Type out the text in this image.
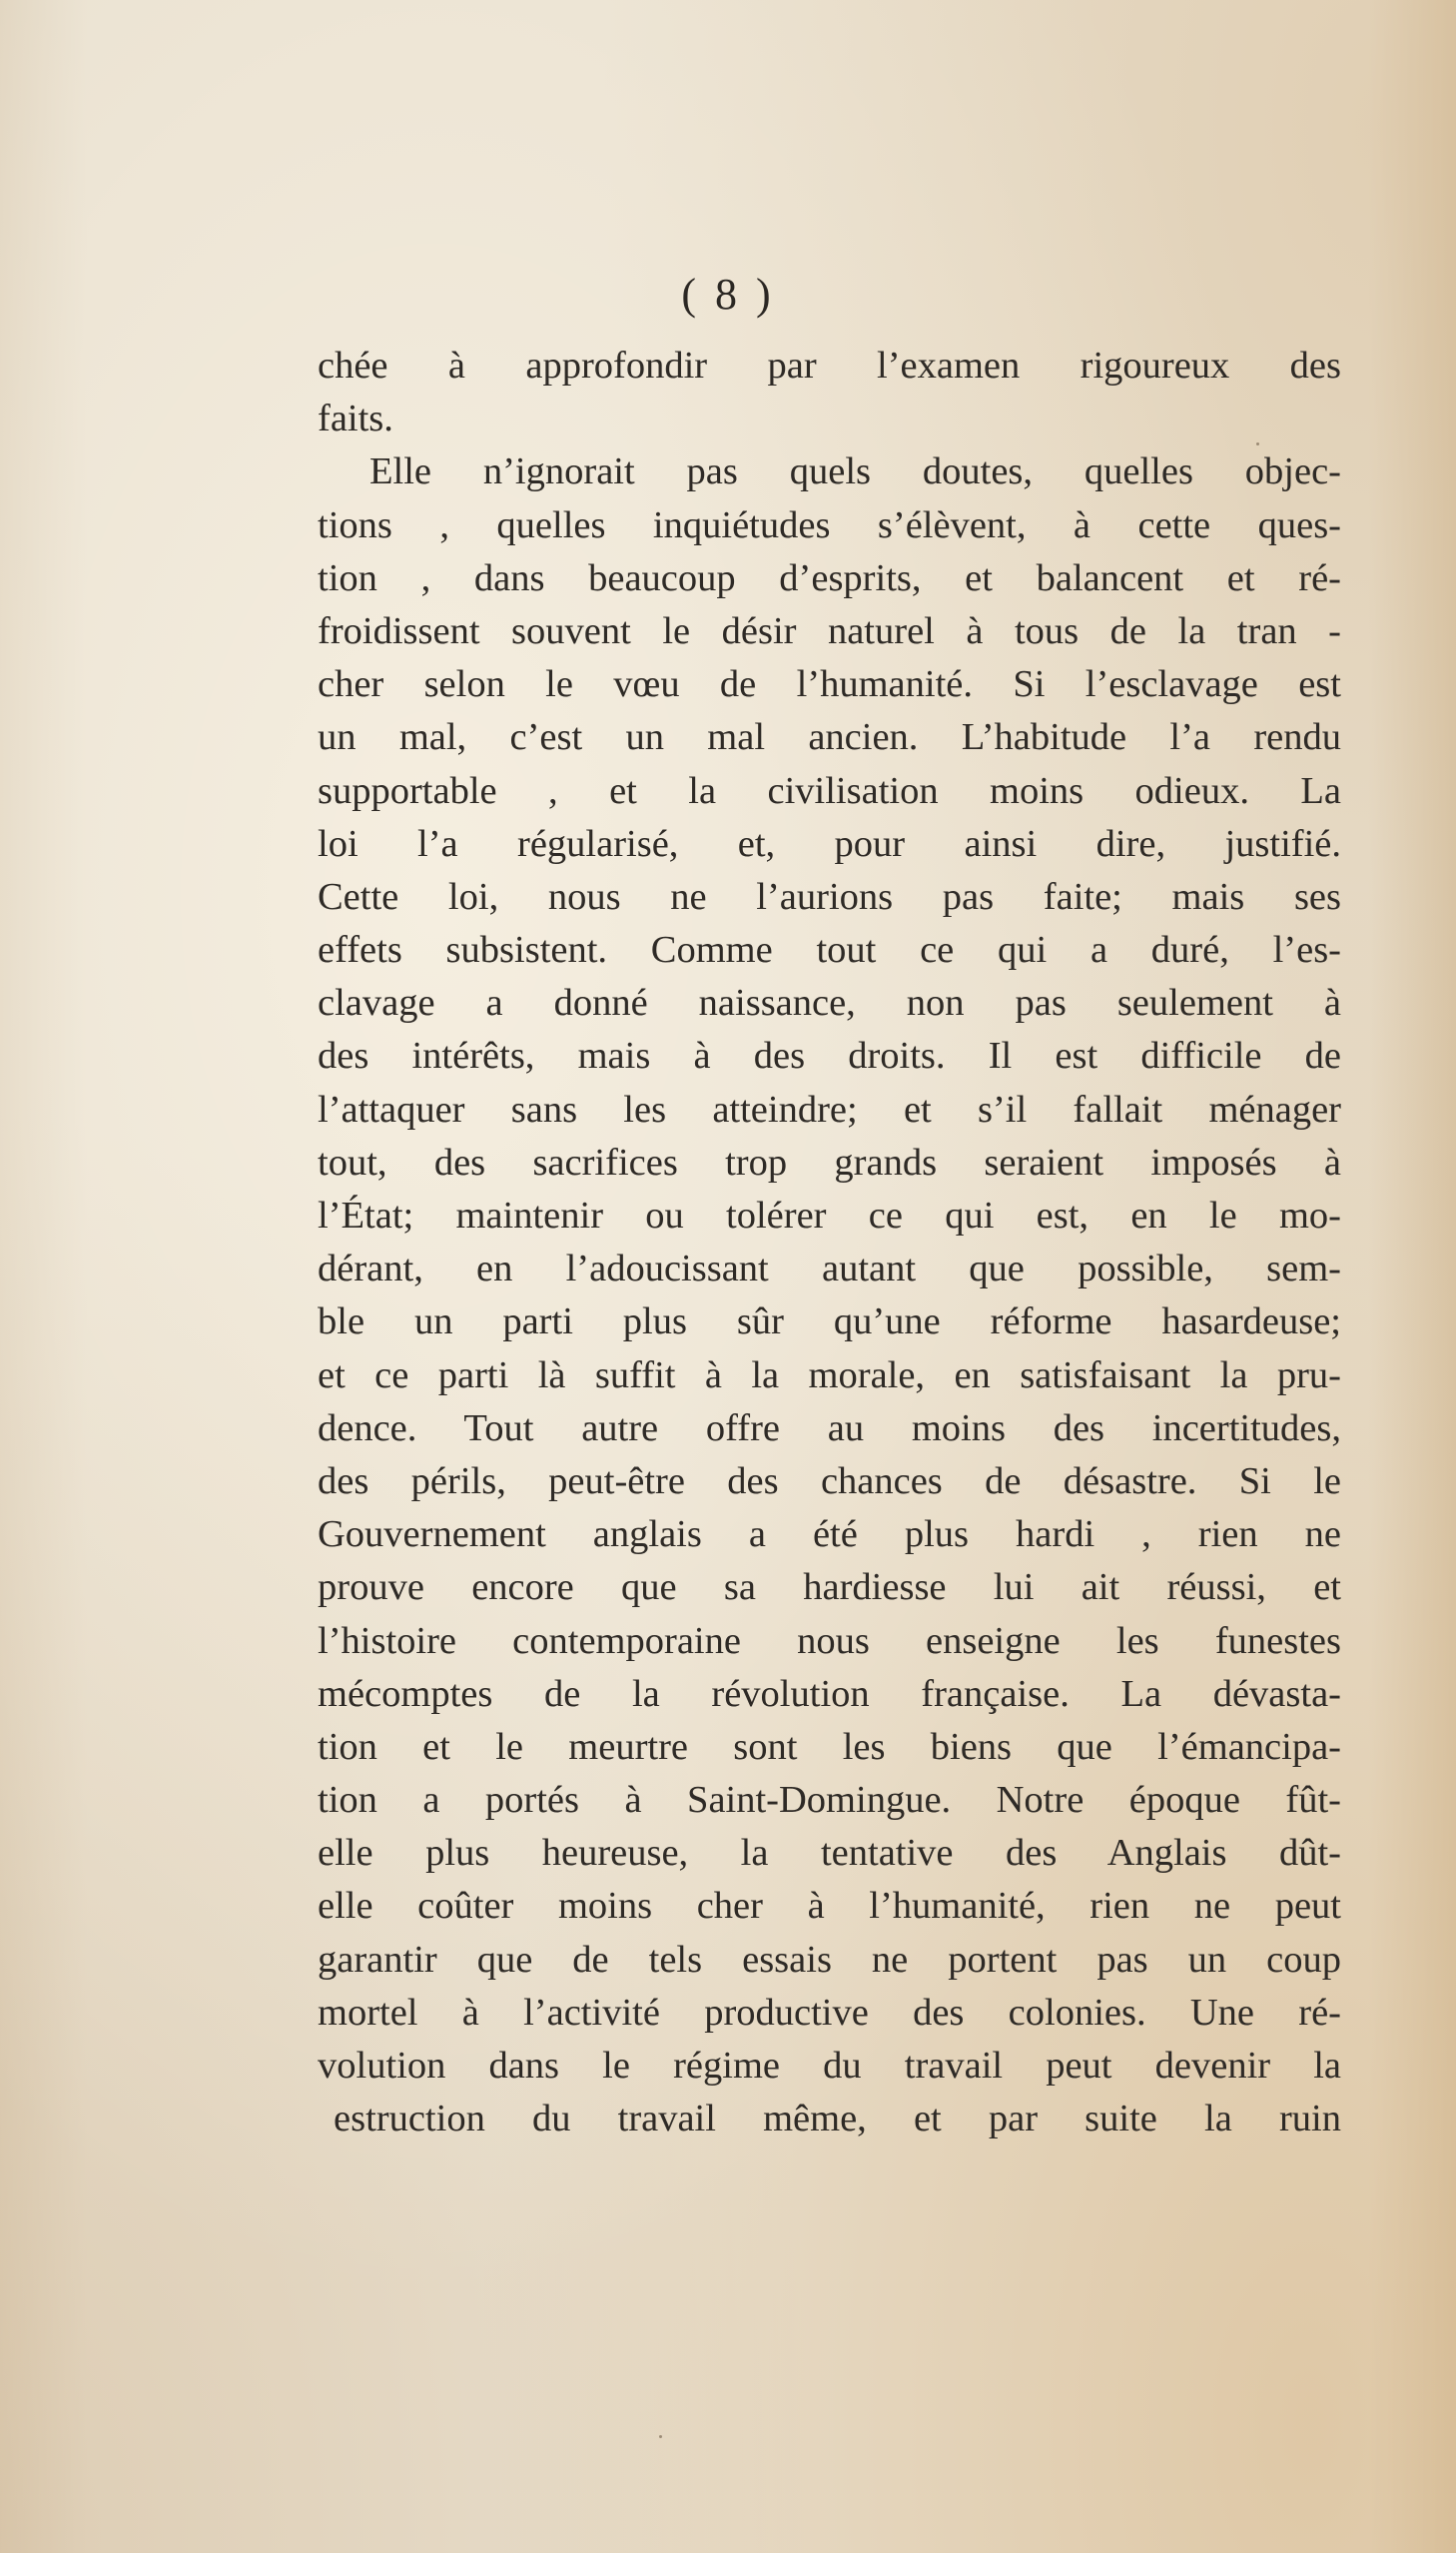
( 8 )
chée à approfondir par l’examen rigoureux des
faits.
Elle n’ignorait pas quels doutes, quelles objec-
tions , quelles inquiétudes s’élèvent, à cette ques-
tion , dans beaucoup d’esprits, et balancent et ré-
froidissent souvent le désir naturel à tous de la tran -
cher selon le vœu de l’humanité. Si l’esclavage est
un mal, c’est un mal ancien. L’habitude l’a rendu
supportable , et la civilisation moins odieux. La
loi l’a régularisé, et, pour ainsi dire, justifié.
Cette loi, nous ne l’aurions pas faite; mais ses
effets subsistent. Comme tout ce qui a duré, l’es-
clavage a donné naissance, non pas seulement à
des intérêts, mais à des droits. Il est difficile de
l’attaquer sans les atteindre; et s’il fallait ménager
tout, des sacrifices trop grands seraient imposés à
l’État; maintenir ou tolérer ce qui est, en le mo-
dérant, en l’adoucissant autant que possible, sem-
ble un parti plus sûr qu’une réforme hasardeuse;
et ce parti là suffit à la morale, en satisfaisant la pru-
dence. Tout autre offre au moins des incertitudes,
des périls, peut-être des chances de désastre. Si le
Gouvernement anglais a été plus hardi , rien ne
prouve encore que sa hardiesse lui ait réussi, et
l’histoire contemporaine nous enseigne les funestes
mécomptes de la révolution française. La dévasta-
tion et le meurtre sont les biens que l’émancipa-
tion a portés à Saint-Domingue. Notre époque fût-
elle plus heureuse, la tentative des Anglais dût-
elle coûter moins cher à l’humanité, rien ne peut
garantir que de tels essais ne portent pas un coup
mortel à l’activité productive des colonies. Une ré-
volution dans le régime du travail peut devenir la
estruction du travail même, et par suite la ruin
